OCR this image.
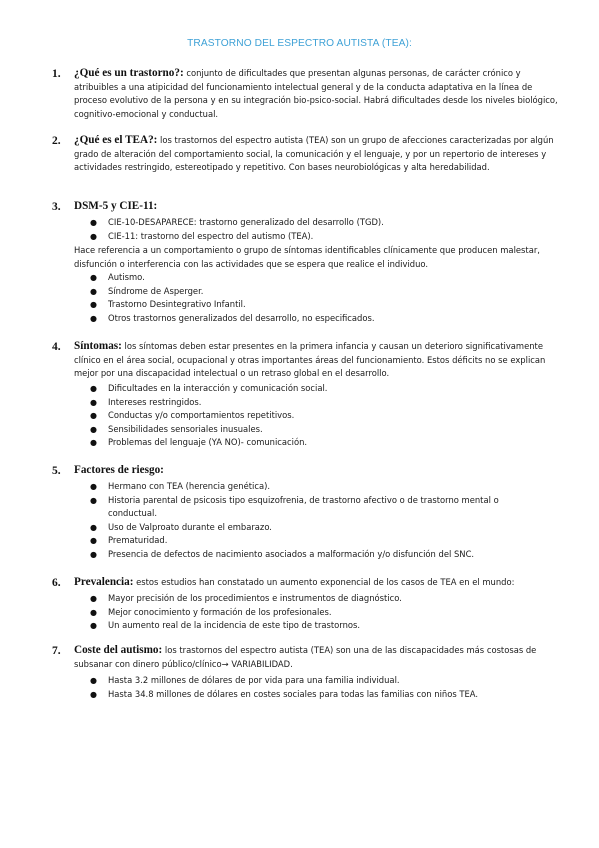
TRASTORNO DEL ESPECTRO AUTISTA (TEA):
1. ¿Qué es un trastorno?: conjunto de dificultades que presentan algunas personas, de carácter crónico y atribuibles a una atipicidad del funcionamiento intelectual general y de la conducta adaptativa en la línea de proceso evolutivo de la persona y en su integración bio-psico-social. Habrá dificultades desde los niveles biológico, cognitivo-emocional y conductual.
2. ¿Qué es el TEA?: los trastornos del espectro autista (TEA) son un grupo de afecciones caracterizadas por algún grado de alteración del comportamiento social, la comunicación y el lenguaje, y por un repertorio de intereses y actividades restringido, estereotipado y repetitivo. Con bases neurobiológicas y alta heredabilidad.
3. DSM-5 y CIE-11:
● CIE-10-DESAPARECE: trastorno generalizado del desarrollo (TGD).
● CIE-11: trastorno del espectro del autismo (TEA).
Hace referencia a un comportamiento o grupo de síntomas identificables clínicamente que producen malestar, disfunción o interferencia con las actividades que se espera que realice el individuo.
● Autismo.
● Síndrome de Asperger.
● Trastorno Desintegrativo Infantil.
● Otros trastornos generalizados del desarrollo, no especificados.
4. Síntomas: los síntomas deben estar presentes en la primera infancia y causan un deterioro significativamente clínico en el área social, ocupacional y otras importantes áreas del funcionamiento. Estos déficits no se explican mejor por una discapacidad intelectual o un retraso global en el desarrollo.
● Dificultades en la interacción y comunicación social.
● Intereses restringidos.
● Conductas y/o comportamientos repetitivos.
● Sensibilidades sensoriales inusuales.
● Problemas del lenguaje (YA NO)- comunicación.
5. Factores de riesgo:
● Hermano con TEA (herencia genética).
● Historia parental de psicosis tipo esquizofrenia, de trastorno afectivo o de trastorno mental o conductual.
● Uso de Valproato durante el embarazo.
● Prematuridad.
● Presencia de defectos de nacimiento asociados a malformación y/o disfunción del SNC.
6. Prevalencia: estos estudios han constatado un aumento exponencial de los casos de TEA en el mundo:
● Mayor precisión de los procedimientos e instrumentos de diagnóstico.
● Mejor conocimiento y formación de los profesionales.
● Un aumento real de la incidencia de este tipo de trastornos.
7. Coste del autismo: los trastornos del espectro autista (TEA) son una de las discapacidades más costosas de subsanar con dinero público/clínico→ VARIABILIDAD.
● Hasta 3.2 millones de dólares de por vida para una familia individual.
● Hasta 34.8 millones de dólares en costes sociales para todas las familias con niños TEA.
